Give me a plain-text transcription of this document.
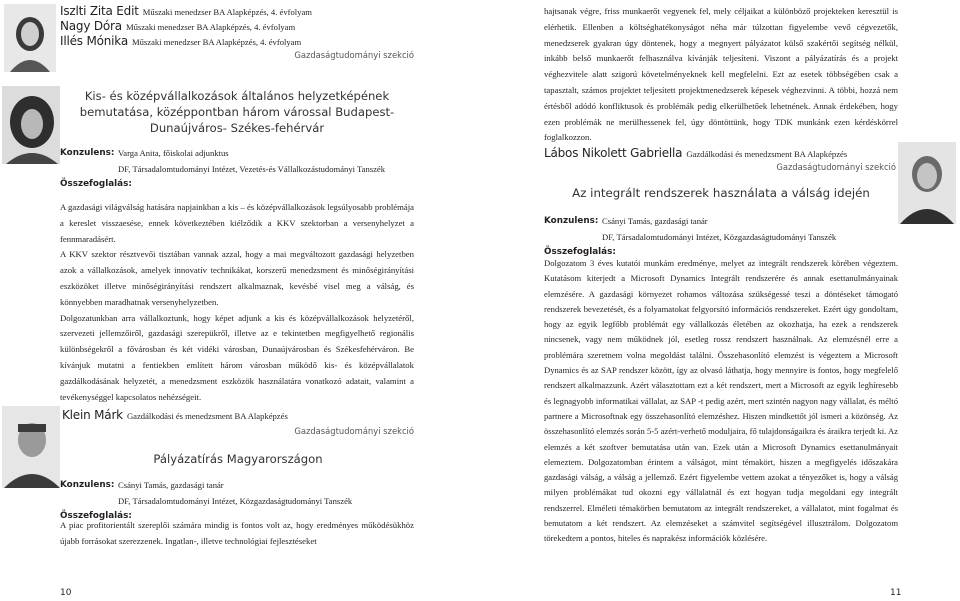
Iszlti Zita Edit Műszaki menedzser BA Alapképzés, 4. évfolyam
Nagy Dóra Műszaki menedzser BA Alapképzés, 4. évfolyam
Illés Mónika Műszaki menedzser BA Alapképzés, 4. évfolyam
Gazdaságtudományi szekció
Kis- és középvállalkozások általános helyzetképének bemutatása, középpontban három várossal Budapest- Dunaújváros- Székes-fehérvár
Konzulens: Varga Anita, főiskolai adjunktus
DF, Társadalomtudományi Intézet, Vezetés-és Vállalkozástudományi Tanszék
Összefoglalás:
A gazdasági világválság hatására napjainkban a kis – és középvállalkozások legsúlyosabb problémája a kereslet visszaesése, ennek következtében kiélződik a KKV szektorban a versenyhelyzet a fennmaradásért.
A KKV szektor résztvevői tisztában vannak azzal, hogy a mai megváltozott gazdasági helyzetben azok a vállalkozások, amelyek innovatív technikákat, korszerű menedzsment és minőségirányítási eszközöket illetve minőségirányítási rendszert alkalmaznak, kevésbé visel meg a válság, és könnyebben maradhatnak versenyhelyzetben.
Dolgozatunkban arra vállalkoztunk, hogy képet adjunk a kis és középvállalkozások helyzetéről, szervezeti jellemzőiről, gazdasági szerepükről, illetve az e tekintetben megfigyelhető regionális különbségekről a fővárosban és két vidéki városban, Dunaújvárosban és Székesfehérváron. Be kívánjuk mutatni a fentiekben említett három városban működő kis- és középvállalatok gazdálkodásának helyzetét, a menedzsment eszközök használatára vonatkozó adatait, valamint a tevékenységgel kapcsolatos nehézségeit.
Klein Márk Gazdálkodási és menedzsment BA Alapképzés
Gazdaságtudományi szekció
Pályázatírás Magyarországon
Konzulens: Csányi Tamás, gazdasági tanár
DF, Társadalomtudományi Intézet, Közgazdaságtudományi Tanszék
Összefoglalás:
A piac profitorientált szereplői számára mindig is fontos volt az, hogy eredményes működésükhöz újabb forrásokat szerezzenek. Ingatlan-, illetve technológiai fejlesztéseket
10
hajtsanak végre, friss munkaerőt vegyenek fel, mely céljaikat a különböző projekteken keresztül is elérhetik. Ellenben a költséghatékonyságot néha már túlzottan figyelembe vevő cégvezetők, menedzserek gyakran úgy döntenek, hogy a megnyert pályázatot külső szakértői segítség nélkül, inkább belső munkaerőt felhasználva kívánják teljesíteni. Viszont a pályázatírás és a projekt véghezvitele alatt szigorú követelményeknek kell megfelelni. Ezt az esetek többségében csak a tapasztalt, számos projektet teljesített projektmenedzserek képesek véghezvinni. A többi, hozzá nem értésből adódó konfliktusok és problémák pedig elkerülhetőek lehetnének. Annak érdekében, hogy ezen problémák ne merülhessenek fel, úgy döntöttünk, hogy TDK munkánk ezen kérdéskörrel foglalkozzon.
Lábos Nikolett Gabriella Gazdálkodási és menedzsment BA Alapképzés
Gazdaságtudományi szekció
Az integrált rendszerek használata a válság idején
Konzulens: Csányi Tamás, gazdasági tanár
DF, Társadalomtudományi Intézet, Közgazdaságtudományi Tanszék
Összefoglalás:
Dolgozatom 3 éves kutatói munkám eredménye, melyet az integrált rendszerek körében végeztem. Kutatásom kiterjedt a Microsoft Dynamics Integrált rendszerére és annak esettanulmányainak elemzésére. A gazdasági környezet rohamos változása szükségessé teszi a döntéseket támogató rendszerek bevezetését, és a folyamatokat felgyorsító információs rendszereket. Ezért úgy gondoltam, hogy az egyik legfőbb problémát egy vállalkozás életében az okozhatja, ha ezek a rendszerek nincsenek, vagy nem működnek jól, esetleg rossz rendszert használnak. Az elemzésnél erre a problémára szeretnem volna megoldást találni. Összehasonlító elemzést is végeztem a Microsoft Dynamics és az SAP rendszer között, így az olvasó láthatja, hogy mennyire is fontos, hogy megfelelő rendszert alkalmazzunk. Azért választottam ezt a két rendszert, mert a Microsoft az egyik leghíresebb és legnagyobb informatikai vállalat, az SAP -t pedig azért, mert szintén nagyon nagy vállalat, és méltó partnere a Microsoftnak egy összehasonlító elemzéshez. Hiszen mindkettőt jól ismeri a közönség. Az összehasonlító elemzés során 5-5 azért-verhető moduljaira, fő tulajdonságaikra és áraikra terjedt ki. Az elemzés a két szoftver bemutatása után van. Ezek után a Microsoft Dynamics esettanulmányait elemeztem. Dolgozatomban érintem a válságot, mint témakört, hiszen a megfigyelés időszakára gazdasági válság, a válság a jellemző. Ezért figyelembe vettem azokat a tényezőket is, hogy a válság milyen problémákat tud okozni egy vállalatnál és ezt hogyan tudja megoldani egy integrált rendszerrel. Elméleti témakörben bemutatom az integrált rendszereket, a vállalatot, mint fogalmat és bemutatom a két rendszert. Az elemzéseket a számvitel segítségével illusztrálom. Dolgozatom törekedtem a pontos, hiteles és naprakész információk közlésére.
11
